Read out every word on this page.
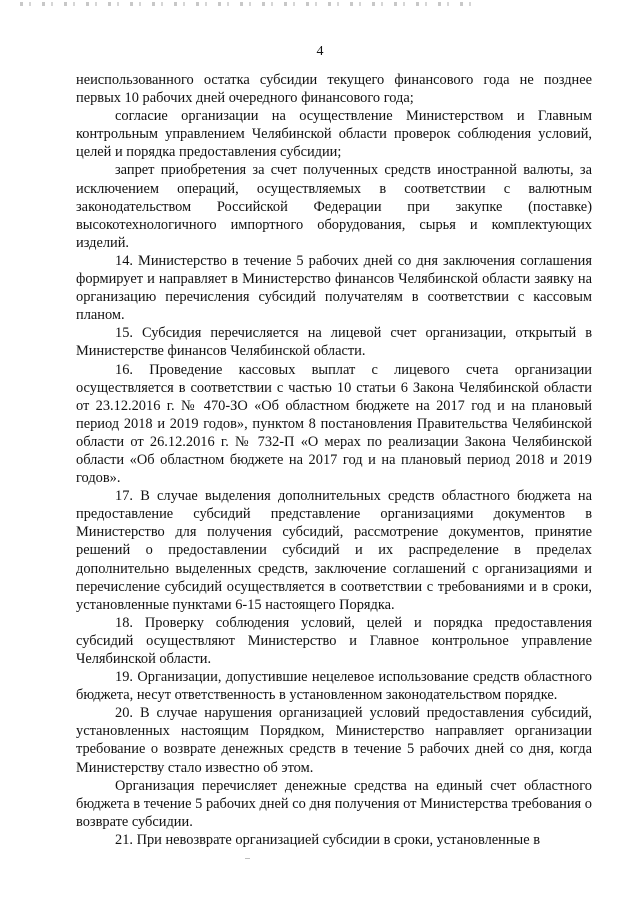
4

неиспользованного остатка субсидии текущего финансового года не позднее первых 10 рабочих дней очередного финансового года;

согласие организации на осуществление Министерством и Главным контрольным управлением Челябинской области проверок соблюдения условий, целей и порядка предоставления субсидии;

запрет приобретения за счет полученных средств иностранной валюты, за исключением операций, осуществляемых в соответствии с валютным законодательством Российской Федерации при закупке (поставке) высокотехнологичного импортного оборудования, сырья и комплектующих изделий.

14. Министерство в течение 5 рабочих дней со дня заключения соглашения формирует и направляет в Министерство финансов Челябинской области заявку на организацию перечисления субсидий получателям в соответствии с кассовым планом.

15. Субсидия перечисляется на лицевой счет организации, открытый в Министерстве финансов Челябинской области.

16. Проведение кассовых выплат с лицевого счета организации осуществляется в соответствии с частью 10 статьи 6 Закона Челябинской области от 23.12.2016 г. № 470-ЗО «Об областном бюджете на 2017 год и на плановый период 2018 и 2019 годов», пунктом 8 постановления Правительства Челябинской области от 26.12.2016 г. № 732-П «О мерах по реализации Закона Челябинской области «Об областном бюджете на 2017 год и на плановый период 2018 и 2019 годов».

17. В случае выделения дополнительных средств областного бюджета на предоставление субсидий представление организациями документов в Министерство для получения субсидий, рассмотрение документов, принятие решений о предоставлении субсидий и их распределение в пределах дополнительно выделенных средств, заключение соглашений с организациями и перечисление субсидий осуществляется в соответствии с требованиями и в сроки, установленные пунктами 6-15 настоящего Порядка.

18. Проверку соблюдения условий, целей и порядка предоставления субсидий осуществляют Министерство и Главное контрольное управление Челябинской области.

19. Организации, допустившие нецелевое использование средств областного бюджета, несут ответственность в установленном законодательством порядке.

20. В случае нарушения организацией условий предоставления субсидий, установленных настоящим Порядком, Министерство направляет организации требование о возврате денежных средств в течение 5 рабочих дней со дня, когда Министерству стало известно об этом.

Организация перечисляет денежные средства на единый счет областного бюджета в течение 5 рабочих дней со дня получения от Министерства требования о возврате субсидии.

21. При невозврате организацией субсидии в сроки, установленные в
